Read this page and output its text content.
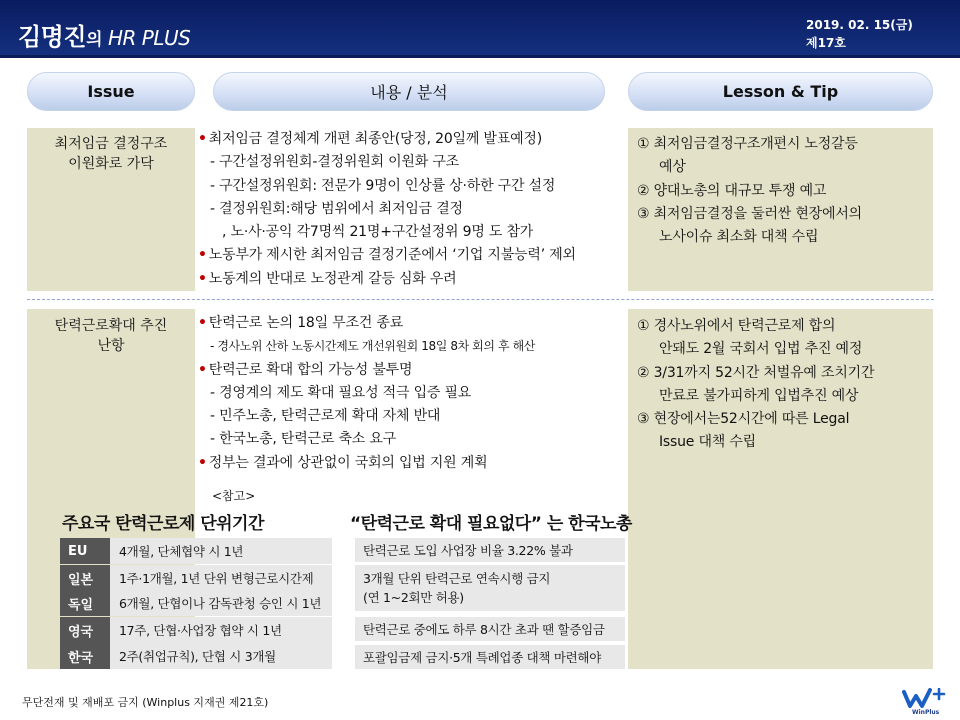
김명진의 HR PLUS
2019. 02. 15(금)
제17호
Issue	내용 / 분석	Lesson & Tip
최저임금 결정구조
이원화로 가닥
• 최저임금 결정체계 개편 최종안(당정, 20일께 발표예정)
- 구간설정위원회-결정위원회 이원화 구조
- 구간설정위원회: 전문가 9명이 인상률 상·하한 구간 설정
- 결정위원회:해당 범위에서 최저임금 결정
, 노·사·공익 각7명씩 21명+구간설정위 9명 도 참가
• 노동부가 제시한 최저임금 결정기준에서 ‘기업 지불능력’ 제외
• 노동계의 반대로 노정관계 갈등 심화 우려
① 최저임금결정구조개편시 노정갈등
예상
② 양대노총의 대규모 투쟁 예고
③ 최저임금결정을 둘러싼 현장에서의
노사이슈 최소화 대책 수립
탄력근로확대 추진
난항
• 탄력근로 논의 18일 무조건 종료
- 경사노위 산하 노동시간제도 개선위원회 18일 8차 회의 후 해산
• 탄력근로 확대 합의 가능성 불투명
- 경영계의 제도 확대 필요성 적극 입증 필요
- 민주노총, 탄력근로제 확대 자체 반대
- 한국노총, 탄력근로 축소 요구
• 정부는 결과에 상관없이 국회의 입법 지원 계획
<참고>
① 경사노위에서 탄력근로제 합의
안돼도 2월 국회서 입법 추진 예정
② 3/31까지 52시간 처벌유예 조치기간
만료로 불가피하게 입법추진 예상
③ 현장에서는52시간에 따른 Legal
Issue 대책 수립
주요국 탄력근로제 단위기간	“탄력근로 확대 필요없다” 는 한국노총
EU	4개월, 단체협약 시 1년
일본	1주·1개월, 1년 단위 변형근로시간제
독일	6개월, 단협이나 감독관청 승인 시 1년
영국	17주, 단협·사업장 협약 시 1년
한국	2주(취업규칙), 단협 시 3개월
탄력근로 도입 사업장 비율 3.22% 불과
3개월 단위 탄력근로 연속시행 금지
(연 1~2회만 허용)
탄력근로 중에도 하루 8시간 초과 땐 할증임금
포괄임금제 금지·5개 특례업종 대책 마련해야
무단전재 및 재배포 금지 (Winplus 지재권 제21호)
WinPlus
